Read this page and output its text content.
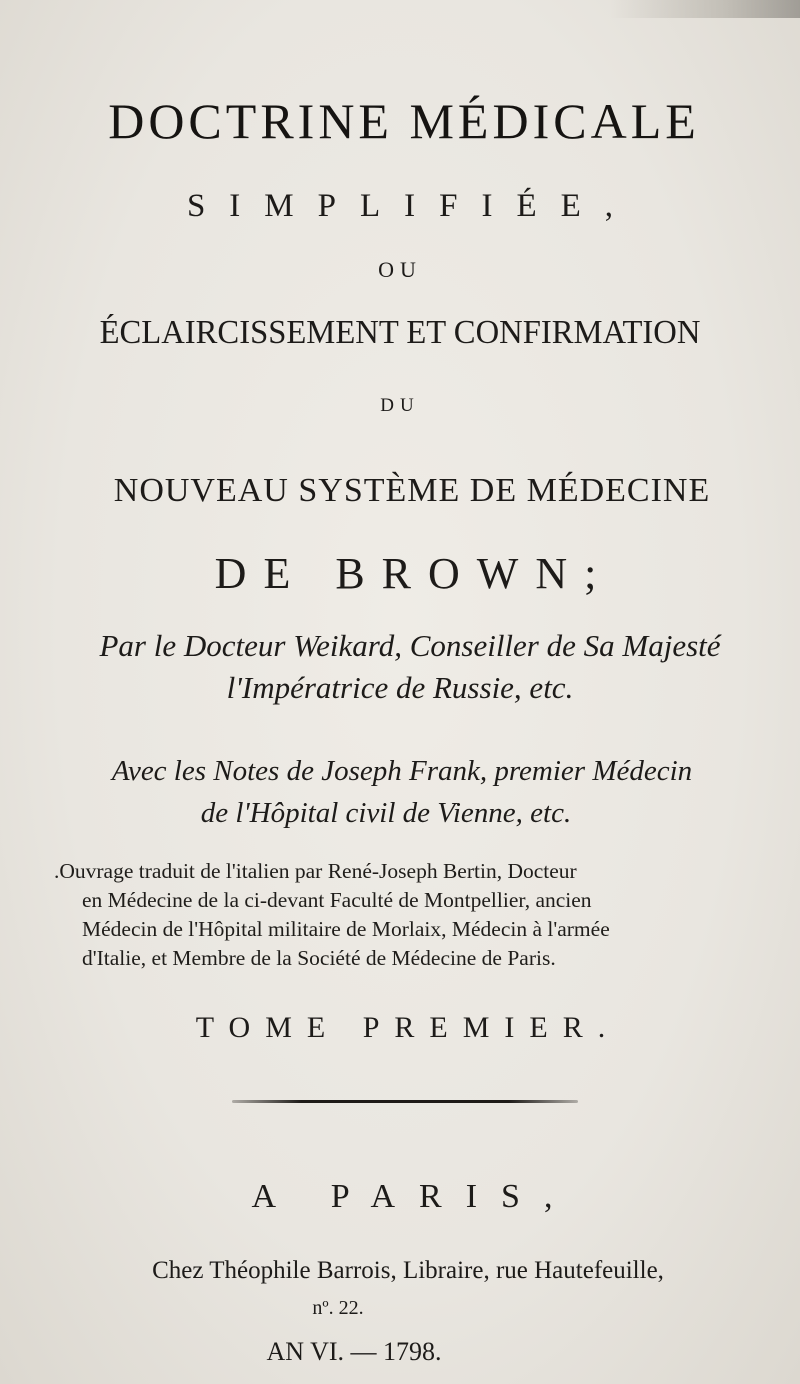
DOCTRINE MÉDICALE
SIMPLIFIÉE,
OU
ÉCLAIRCISSEMENT ET CONFIRMATION
DU
NOUVEAU SYSTÈME DE MÉDECINE
DE BROWN;
Par le Docteur Weikard, Conseiller de Sa Majesté
l'Impératrice de Russie, etc.
Avec les Notes de Joseph Frank, premier Médecin
de l'Hôpital civil de Vienne, etc.
.Ouvrage traduit de l'italien par René-Joseph Bertin, Docteur
en Médecine de la ci-devant Faculté de Montpellier, ancien
Médecin de l'Hôpital militaire de Morlaix, Médecin à l'armée
d'Italie, et Membre de la Société de Médecine de Paris.
TOME PREMIER.
A PARIS,
Chez Théophile Barrois, Libraire, rue Hautefeuille,
nº. 22.
AN VI. — 1798.
